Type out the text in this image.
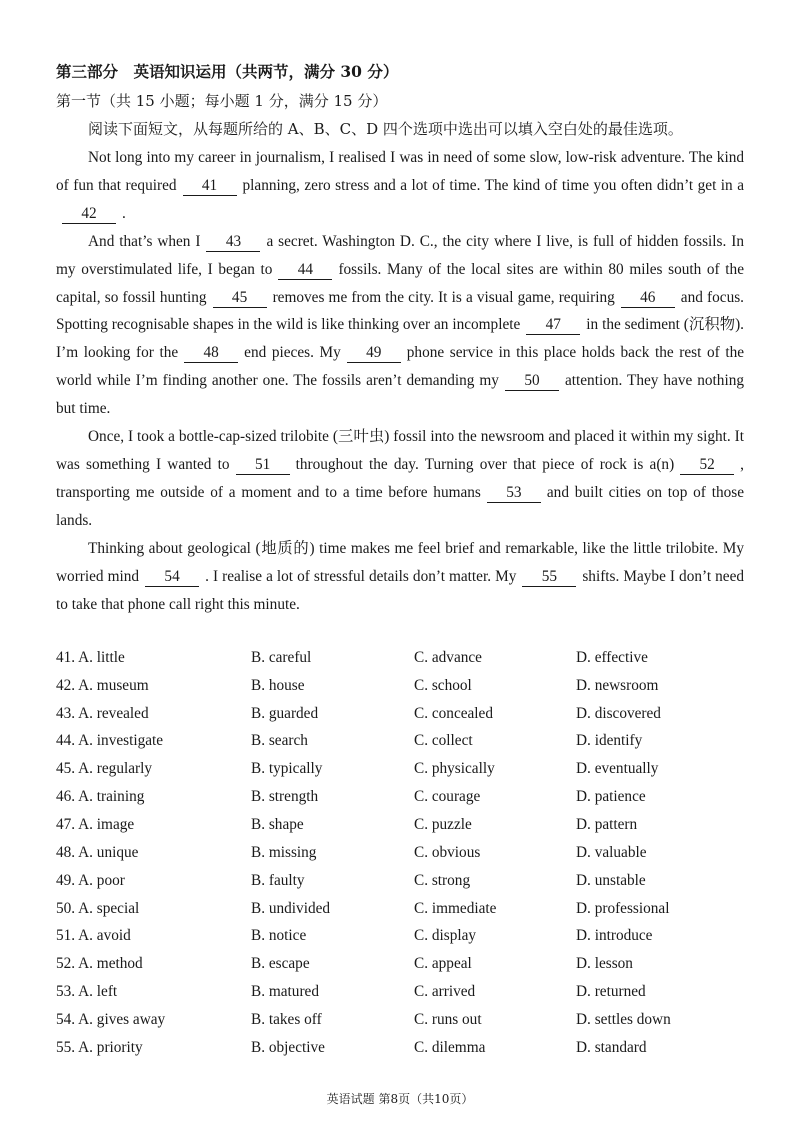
第三部分　英语知识运用（共两节，满分 30 分）
第一节（共 15 小题；每小题 1 分，满分 15 分）
阅读下面短文，从每题所给的 A、B、C、D 四个选项中选出可以填入空白处的最佳选项。

Not long into my career in journalism, I realised I was in need of some slow, low-risk adventure. The kind of fun that required 41 planning, zero stress and a lot of time. The kind of time you often didn’t get in a42 .

And that’s when I 43 a secret. Washington D. C., the city where I live, is full of hidden fossils. In my overstimulated life, I began to 44 fossils. Many of the local sites are within 80 miles south of the capital, so fossil hunting 45 removes me from the city. It is a visual game, requiring 46 and focus. Spotting recognisable shapes in the wild is like thinking over an incomplete 47 in the sediment (沉积物). I’m looking for the 48 end pieces. My 49 phone service in this place holds back the rest of the world while I’m finding another one. The fossils aren’t demanding my 50 attention. They have nothing but time.

Once, I took a bottle-cap-sized trilobite (三叶虫) fossil into the newsroom and placed it within my sight. It was something I wanted to 51 throughout the day. Turning over that piece of rock is a(n) 52 , transporting me outside of a moment and to a time before humans 53 and built cities on top of those lands.

Thinking about geological (地质的) time makes me feel brief and remarkable, like the little trilobite. My worried mind 54 . I realise a lot of stressful details don’t matter. My 55 shifts. Maybe I don’t need to take that phone call right this minute.

41. A. little	B. careful	C. advance	D. effective
42. A. museum	B. house	C. school	D. newsroom
43. A. revealed	B. guarded	C. concealed	D. discovered
44. A. investigate	B. search	C. collect	D. identify
45. A. regularly	B. typically	C. physically	D. eventually
46. A. training	B. strength	C. courage	D. patience
47. A. image	B. shape	C. puzzle	D. pattern
48. A. unique	B. missing	C. obvious	D. valuable
49. A. poor	B. faulty	C. strong	D. unstable
50. A. special	B. undivided	C. immediate	D. professional
51. A. avoid	B. notice	C. display	D. introduce
52. A. method	B. escape	C. appeal	D. lesson
53. A. left	B. matured	C. arrived	D. returned
54. A. gives away	B. takes off	C. runs out	D. settles down
55. A. priority	B. objective	C. dilemma	D. standard
英语试题 第8页（共10页）
